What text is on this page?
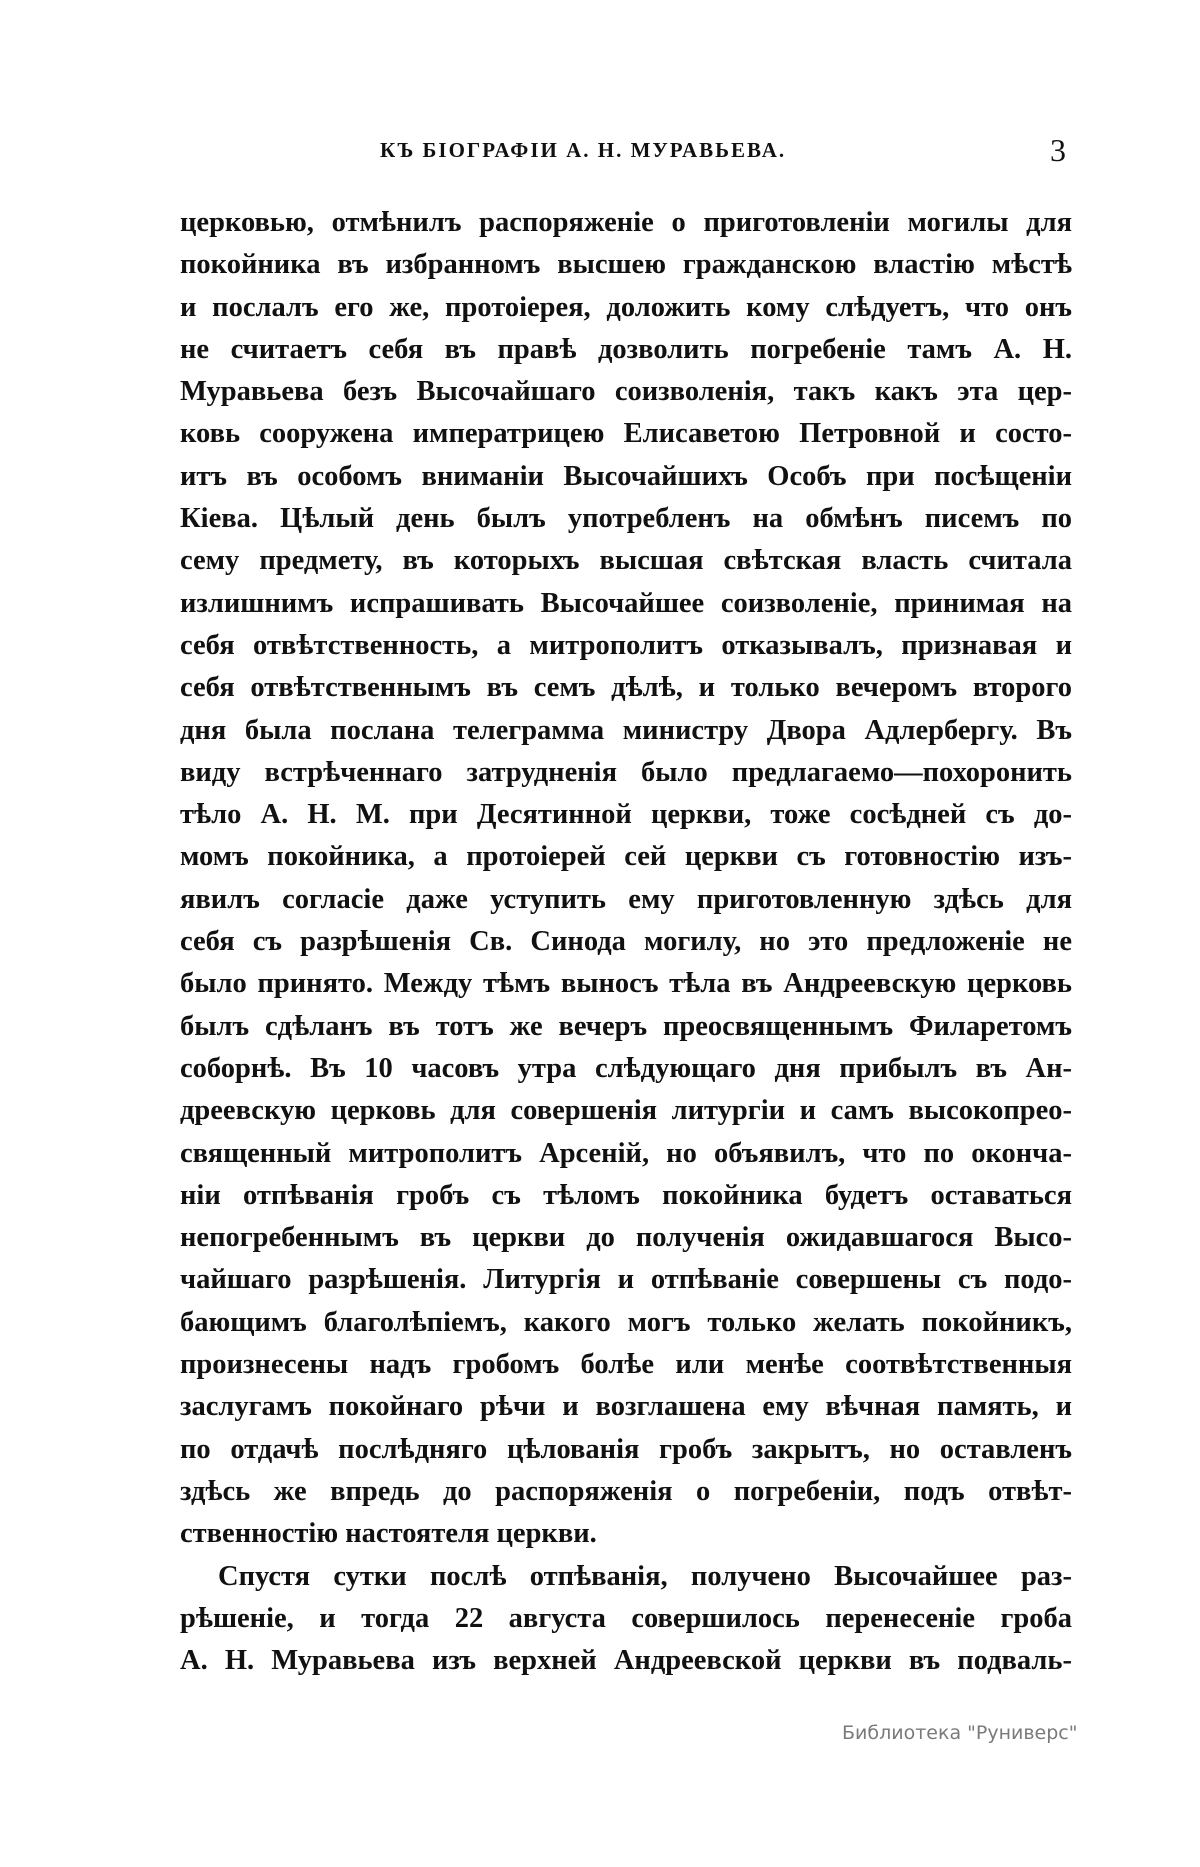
КЪ БІОГРАФІИ А. Н. МУРАВЬЕВА.	3
церковью, отмѣнилъ распоряженіе о приготовленіи могилы для
покойника въ избранномъ высшею гражданскою властію мѣстѣ
и послалъ его же, протоіерея, доложить кому слѣдуетъ, что онъ
не считаетъ себя въ правѣ дозволить погребеніе тамъ А. Н.
Муравьева безъ Высочайшаго соизволенія, такъ какъ эта цер-
ковь сооружена императрицею Елисаветою Петровной и состо-
итъ въ особомъ вниманіи Высочайшихъ Особъ при посѣщеніи
Кіева. Цѣлый день былъ употребленъ на обмѣнъ писемъ по
сему предмету, въ которыхъ высшая свѣтская власть считала
излишнимъ испрашивать Высочайшее соизволеніе, принимая на
себя отвѣтственность, а митрополитъ отказывалъ, признавая и
себя отвѣтственнымъ въ семъ дѣлѣ, и только вечеромъ второго
дня была послана телеграмма министру Двора Адлербергу. Въ
виду встрѣченнаго затрудненія было предлагаемо—похоронить
тѣло А. Н. М. при Десятинной церкви, тоже сосѣдней съ до-
момъ покойника, а протоіерей сей церкви съ готовностію изъ-
явилъ согласіе даже уступить ему приготовленную здѣсь для
себя съ разрѣшенія Св. Синода могилу, но это предложеніе не
было принято. Между тѣмъ выносъ тѣла въ Андреевскую церковь
былъ сдѣланъ въ тотъ же вечеръ преосвященнымъ Филаретомъ
соборнѣ. Въ 10 часовъ утра слѣдующаго дня прибылъ въ Ан-
дреевскую церковь для совершенія литургіи и самъ высокопрео-
священный митрополитъ Арсеній, но объявилъ, что по оконча-
ніи отпѣванія гробъ съ тѣломъ покойника будетъ оставаться
непогребеннымъ въ церкви до полученія ожидавшагося Высо-
чайшаго разрѣшенія. Литургія и отпѣваніе совершены съ подо-
бающимъ благолѣпіемъ, какого могъ только желать покойникъ,
произнесены надъ гробомъ болѣе или менѣе соотвѣтственныя
заслугамъ покойнаго рѣчи и возглашена ему вѣчная память, и
по отдачѣ послѣдняго цѣлованія гробъ закрытъ, но оставленъ
здѣсь же впредь до распоряженія о погребеніи, подъ отвѣт-
ственностію настоятеля церкви.
Спустя сутки послѣ отпѣванія, получено Высочайшее раз-
рѣшеніе, и тогда 22 августа совершилось перенесеніе гроба
А. Н. Муравьева изъ верхней Андреевской церкви въ подваль-
Библиотека "Руниверс"
